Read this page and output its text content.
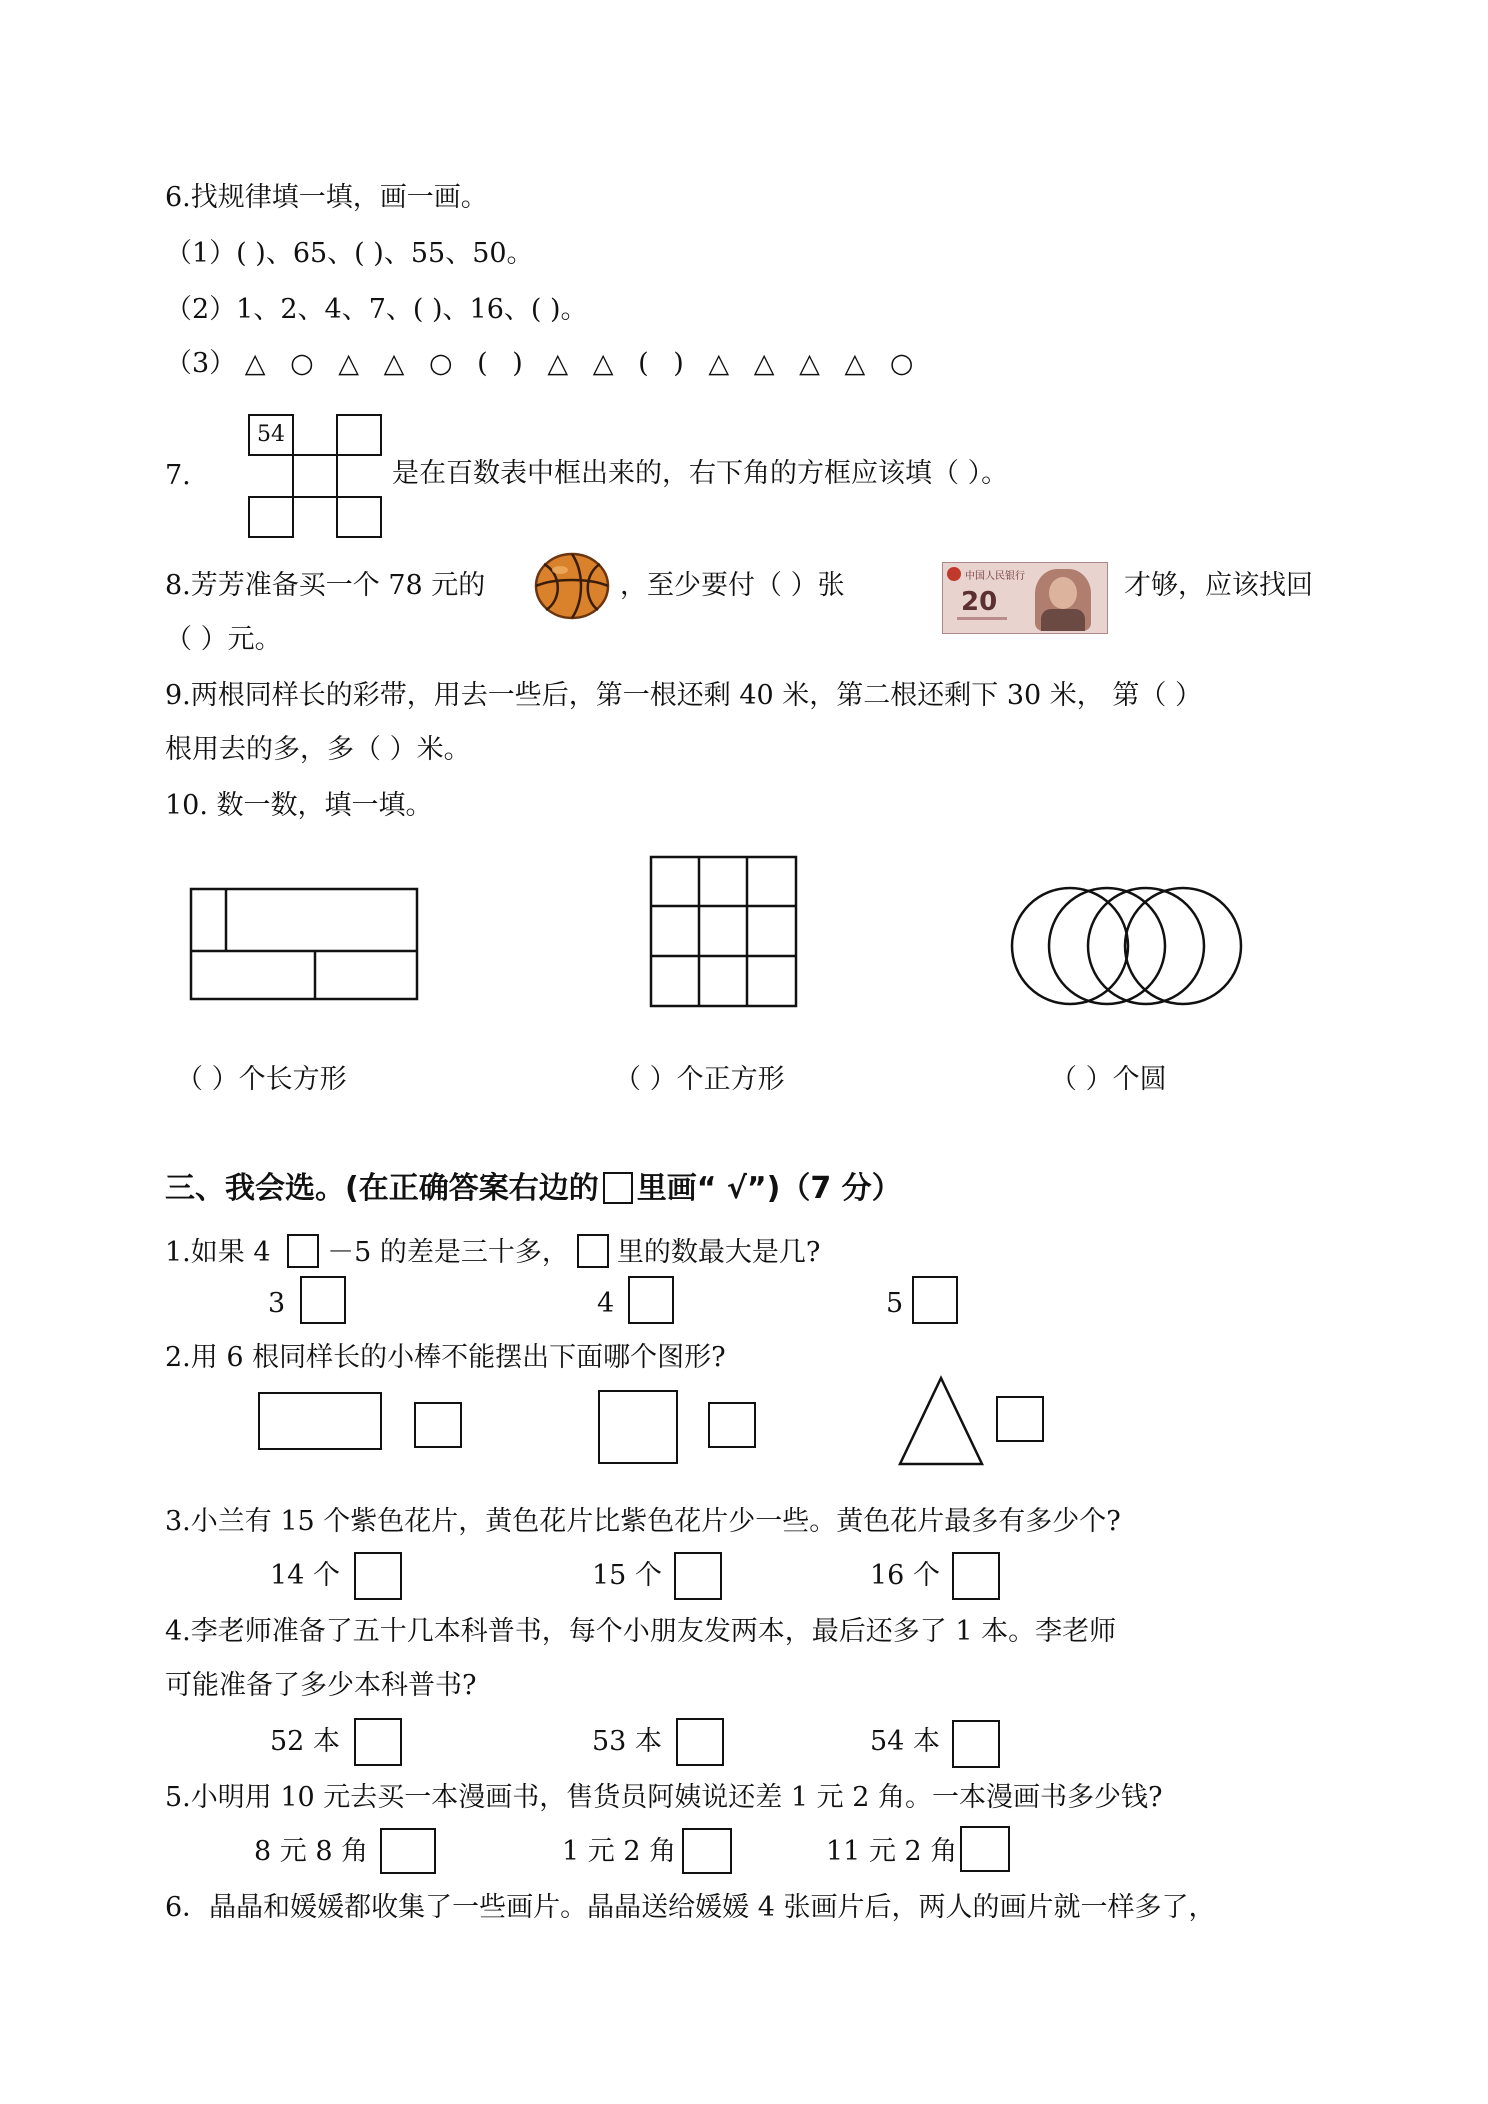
6.找规律填一填，画一画。
（1）( )、65、( )、55、50。
（2）1、2、4、7、( )、16、( )。
（3） △ ○ △ △ ○ ( ) △ △ ( ) △ △ △ △ ○
7.
54
是在百数表中框出来的，右下角的方框应该填（ ）。
8.芳芳准备买一个 78 元的	，至少要付（ ）张	中国人民银行
20
才够，应该找回
（ ）元。
9.两根同样长的彩带，用去一些后，第一根还剩 40 米，第二根还剩下 30 米， 第（ ）
根用去的多，多（ ）米。
10. 数一数，填一填。
（ ）个长方形	（ ）个正方形	（ ）个圆
三、我会选。(在正确答案右边的 里画“ √”)（7 分）
1.如果 4 －5 的差是三十多， 里的数最大是几?
3	4	5
2.用 6 根同样长的小棒不能摆出下面哪个图形?
3.小兰有 15 个紫色花片，黄色花片比紫色花片少一些。黄色花片最多有多少个?
14 个	15 个	16 个
4.李老师准备了五十几本科普书，每个小朋友发两本，最后还多了 1 本。李老师
可能准备了多少本科普书?
52 本	53 本	54 本
5.小明用 10 元去买一本漫画书，售货员阿姨说还差 1 元 2 角。一本漫画书多少钱?
8 元 8 角	1 元 2 角	11 元 2 角
6．晶晶和媛媛都收集了一些画片。晶晶送给媛媛 4 张画片后，两人的画片就一样多了，
